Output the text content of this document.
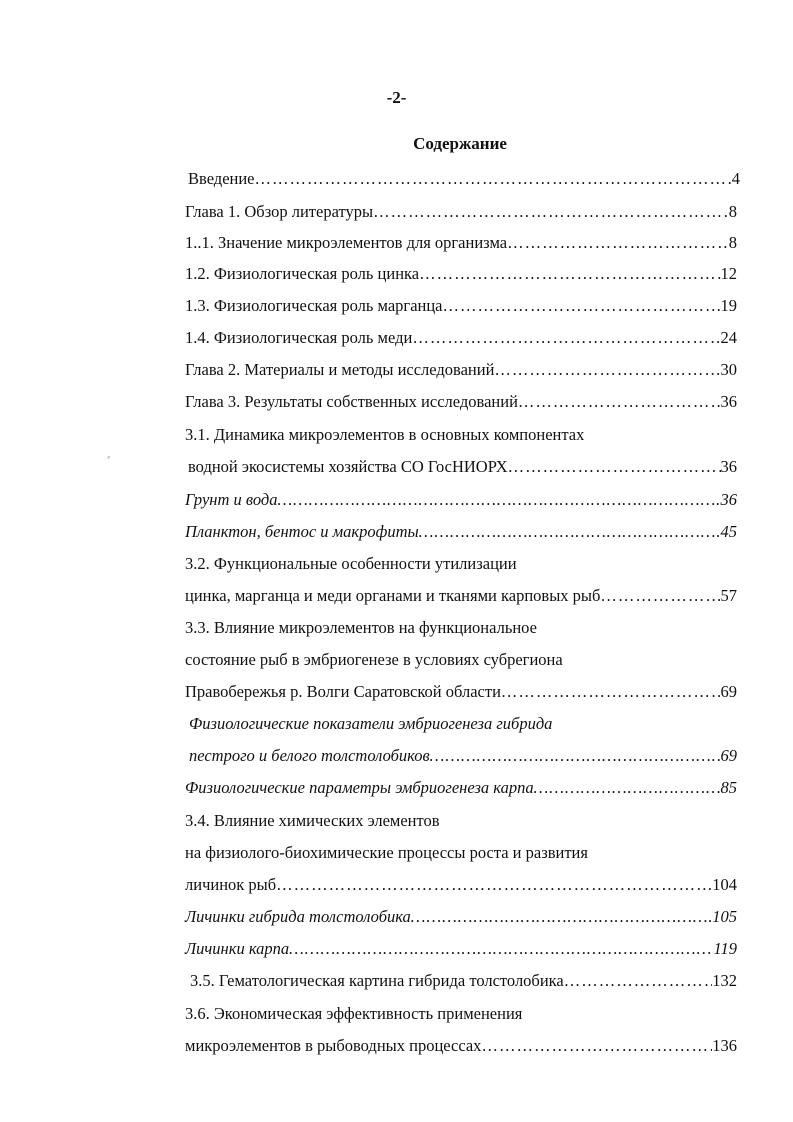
-2-
Содержание
⸗
Введение …………………………………………………………………………………………………………………………………………………………	4
Глава 1. Обзор литературы …………………………………………………………………………………………………………………………………………………………	8
1..1. Значение микроэлементов для организма …………………………………………………………………………………………………………………………………………………………	8
1.2. Физиологическая роль цинка …………………………………………………………………………………………………………………………………………………………	12
1.3. Физиологическая роль марганца …………………………………………………………………………………………………………………………………………………………	19
1.4. Физиологическая роль меди …………………………………………………………………………………………………………………………………………………………	24
Глава 2. Материалы и методы исследований …………………………………………………………………………………………………………………………………………………………	30
Глава 3. Результаты собственных исследований …………………………………………………………………………………………………………………………………………………………	36
3.1. Динамика микроэлементов в основных компонентах
водной экосистемы хозяйства СО ГосНИОРХ …………………………………………………………………………………………………………………………………………………………	36
Грунт и вода …………………………………………………………………………………………………………………………………………………………	36
Планктон, бентос и макрофиты …………………………………………………………………………………………………………………………………………………………	45
3.2. Функциональные особенности утилизации
цинка, марганца и меди органами и тканями карповых рыб …………………………………………………………………………………………………………………………………………………………	57
3.3. Влияние микроэлементов на функциональное
состояние рыб в эмбриогенезе в условиях субрегиона
Правобережья р. Волги Саратовской области …………………………………………………………………………………………………………………………………………………………	69
Физиологические показатели эмбриогенеза гибрида
пестрого и белого толстолобиков …………………………………………………………………………………………………………………………………………………………	69
Физиологические параметры эмбриогенеза карпа …………………………………………………………………………………………………………………………………………………………	85
3.4. Влияние химических элементов
на физиолого-биохимические процессы роста и развития
личинок рыб …………………………………………………………………………………………………………………………………………………………	104
Личинки гибрида толстолобика …………………………………………………………………………………………………………………………………………………………	105
Личинки карпа …………………………………………………………………………………………………………………………………………………………	119
3.5. Гематологическая картина гибрида толстолобика …………………………………………………………………………………………………………………………………………………………	132
3.6. Экономическая эффективность применения
микроэлементов в рыбоводных процессах …………………………………………………………………………………………………………………………………………………………	136
